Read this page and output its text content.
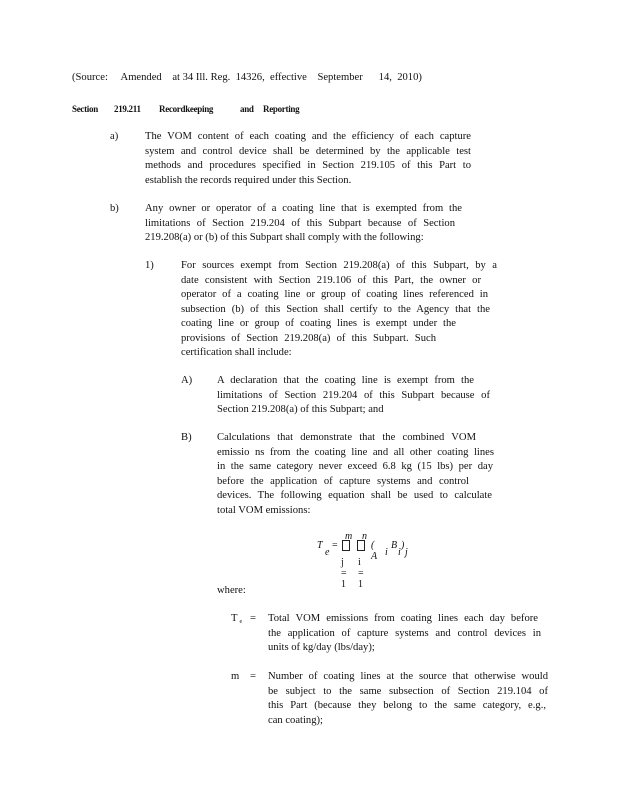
(Source:     Amended    at 34 Ill. Reg.  14326,  effective    September      14,  2010)
Section 219.211 Recordkeeping	and Reporting
a)	The VOM content of each coating and the efficiency of each capture
system and control device shall be determined by the applicable test
methods and procedures specified in Section 219.105 of this Part to
establish the records required under this Section.
b) Any owner or operator of a coating line that is exempted from the
limitations of Section 219.204 of this Subpart because of Section
219.208(a) or (b) of this Subpart shall comply with the following:
1)	For sources exempt from Section 219.208(a) of this Subpart, by a
date consistent with Section 219.106 of this Part, the owner or
operator of a coating line or group of coating lines referenced in
subsection (b) of this Section shall certify to the Agency that the
coating line or group of coating lines is exempt under the
provisions of Section 219.208(a) of this Subpart. Such
certification shall include:
A) A declaration that the coating line is exempt from the
limitations of Section 219.204 of this Subpart because of
Section 219.208(a) of this Subpart; and
B) Calculations that demonstrate that the combined VOM
emissio ns from the coating line and all other coating lines
in the same category never exceed 6.8 kg (15 lbs) per day
before the application of capture systems and control
devices. The following equation shall be used to calculate
total VOM emissions:
T
e
=
m n
j = 1
i = 1
( A i
B
i
)
j
where:
Te = Total VOM emissions from coating lines each day before
the application of capture systems and control devices in
units of kg/day (lbs/day);
m = Number of coating lines at the source that otherwise would
be subject to the same subsection of Section 219.104 of
this Part (because they belong to the same category, e.g.,
can coating);
